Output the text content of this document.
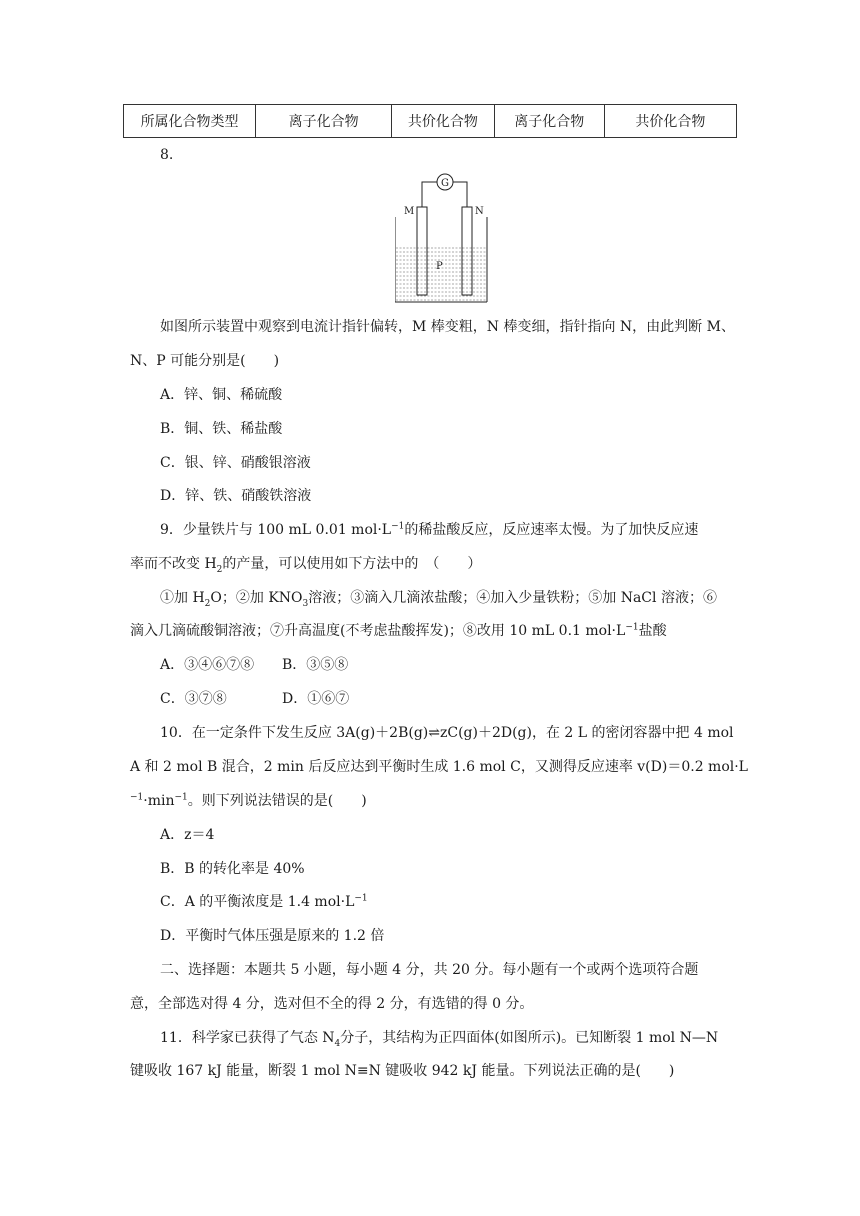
所属化合物类型	离子化合物	共价化合物	离子化合物	共价化合物
8.
G
M	N
P
如图所示装置中观察到电流计指针偏转，M 棒变粗，N 棒变细，指针指向 N，由此判断 M、
N、P 可能分别是(　　)
A．锌、铜、稀硫酸
B．铜、铁、稀盐酸
C．银、锌、硝酸银溶液
D．锌、铁、硝酸铁溶液
9．少量铁片与 100 mL 0.01 $mol\cdot L^{-1}$的稀盐酸反应，反应速率太慢。为了加快反应速
率而不改变 $H_2$的产量，可以使用如下方法中的　（　　）
①加 $H_2O$；②加 $KNO_3$溶液；③滴入几滴浓盐酸；④加入少量铁粉；⑤加 NaCl 溶液；⑥
滴入几滴硫酸铜溶液；⑦升高温度(不考虑盐酸挥发)；⑧改用 10 mL 0.1 $mol\cdot L^{-1}$盐酸
A．③④⑥⑦⑧ B．③⑤⑧
C．③⑦⑧	D．①⑥⑦
10．在一定条件下发生反应 3A(g)＋2B(g)⇌zC(g)＋2D(g)，在 2 L 的密闭容器中把 4 mol
A 和 2 mol B 混合，2 min 后反应达到平衡时生成 1.6 mol C，又测得反应速率 v(D)＝0.2 mol·L
$^{-1}\cdot\min^{-1}$。则下列说法错误的是(　　)
A．z＝4
B．B 的转化率是 40%
C．A 的平衡浓度是 1.4 $mol\cdot L^{-1}$
D．平衡时气体压强是原来的 1.2 倍
二、选择题：本题共 5 小题，每小题 4 分，共 20 分。每小题有一个或两个选项符合题
意，全部选对得 4 分，选对但不全的得 2 分，有选错的得 0 分。
11．科学家已获得了气态 $N_4$分子，其结构为正四面体(如图所示)。已知断裂 1 mol N—N
键吸收 167 kJ 能量，断裂 1 mol N≡N 键吸收 942 kJ 能量。下列说法正确的是(　　)
